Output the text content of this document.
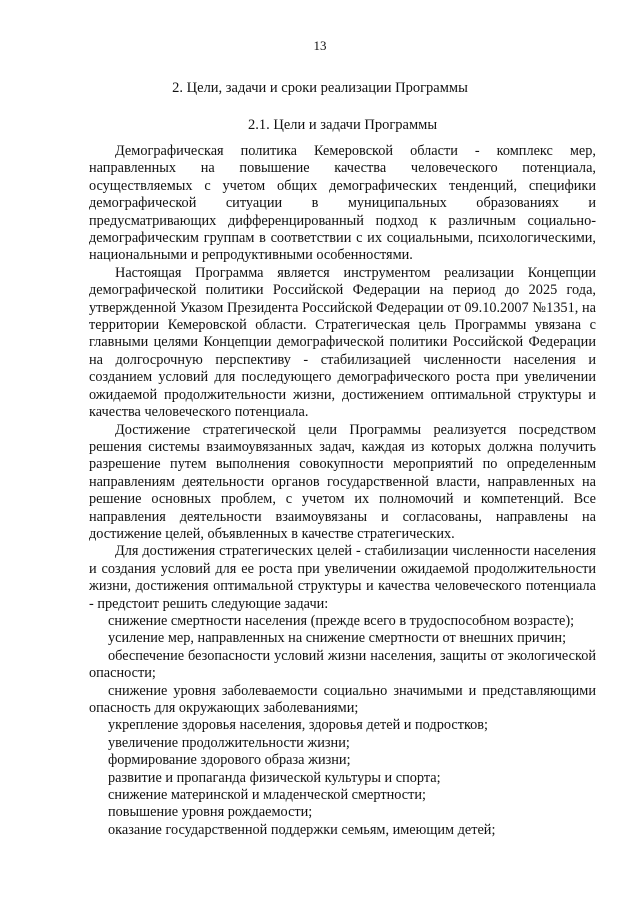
13
2. Цели, задачи и сроки реализации Программы
2.1. Цели и задачи Программы

Демографическая политика Кемеровской области - комплекс мер, направленных на повышение качества человеческого потенциала, осуществляемых с учетом общих демографических тенденций, специфики демографической ситуации в муниципальных образованиях и предусматривающих дифференцированный подход к различным социально-демографическим группам в соответствии с их социальными, психологическими, национальными и репродуктивными особенностями.

Настоящая Программа является инструментом реализации Концепции демографической политики Российской Федерации на период до 2025 года, утвержденной Указом Президента Российской Федерации от 09.10.2007 №1351, на территории Кемеровской области. Стратегическая цель Программы увязана с главными целями Концепции демографической политики Российской Федерации на долгосрочную перспективу - стабилизацией численности населения и созданием условий для последующего демографического роста при увеличении ожидаемой продолжительности жизни, достижением оптимальной структуры и качества человеческого потенциала.

Достижение стратегической цели Программы реализуется посредством решения системы взаимоувязанных задач, каждая из которых должна получить разрешение путем выполнения совокупности мероприятий по определенным направлениям деятельности органов государственной власти, направленных на решение основных проблем, с учетом их полномочий и компетенций. Все направления деятельности взаимоувязаны и согласованы, направлены на достижение целей, объявленных в качестве стратегических.

Для достижения стратегических целей - стабилизации численности населения и создания условий для ее роста при увеличении ожидаемой продолжительности жизни, достижения оптимальной структуры и качества человеческого потенциала - предстоит решить следующие задачи:

снижение смертности населения (прежде всего в трудоспособном возрасте);

усиление мер, направленных на снижение смертности от внешних причин;

обеспечение безопасности условий жизни населения, защиты от экологической опасности;

снижение уровня заболеваемости социально значимыми и представляющими опасность для окружающих заболеваниями;

укрепление здоровья населения, здоровья детей и подростков;

увеличение продолжительности жизни;

формирование здорового образа жизни;

развитие и пропаганда физической культуры и спорта;

снижение материнской и младенческой смертности;

повышение уровня рождаемости;

оказание государственной поддержки семьям, имеющим детей;
